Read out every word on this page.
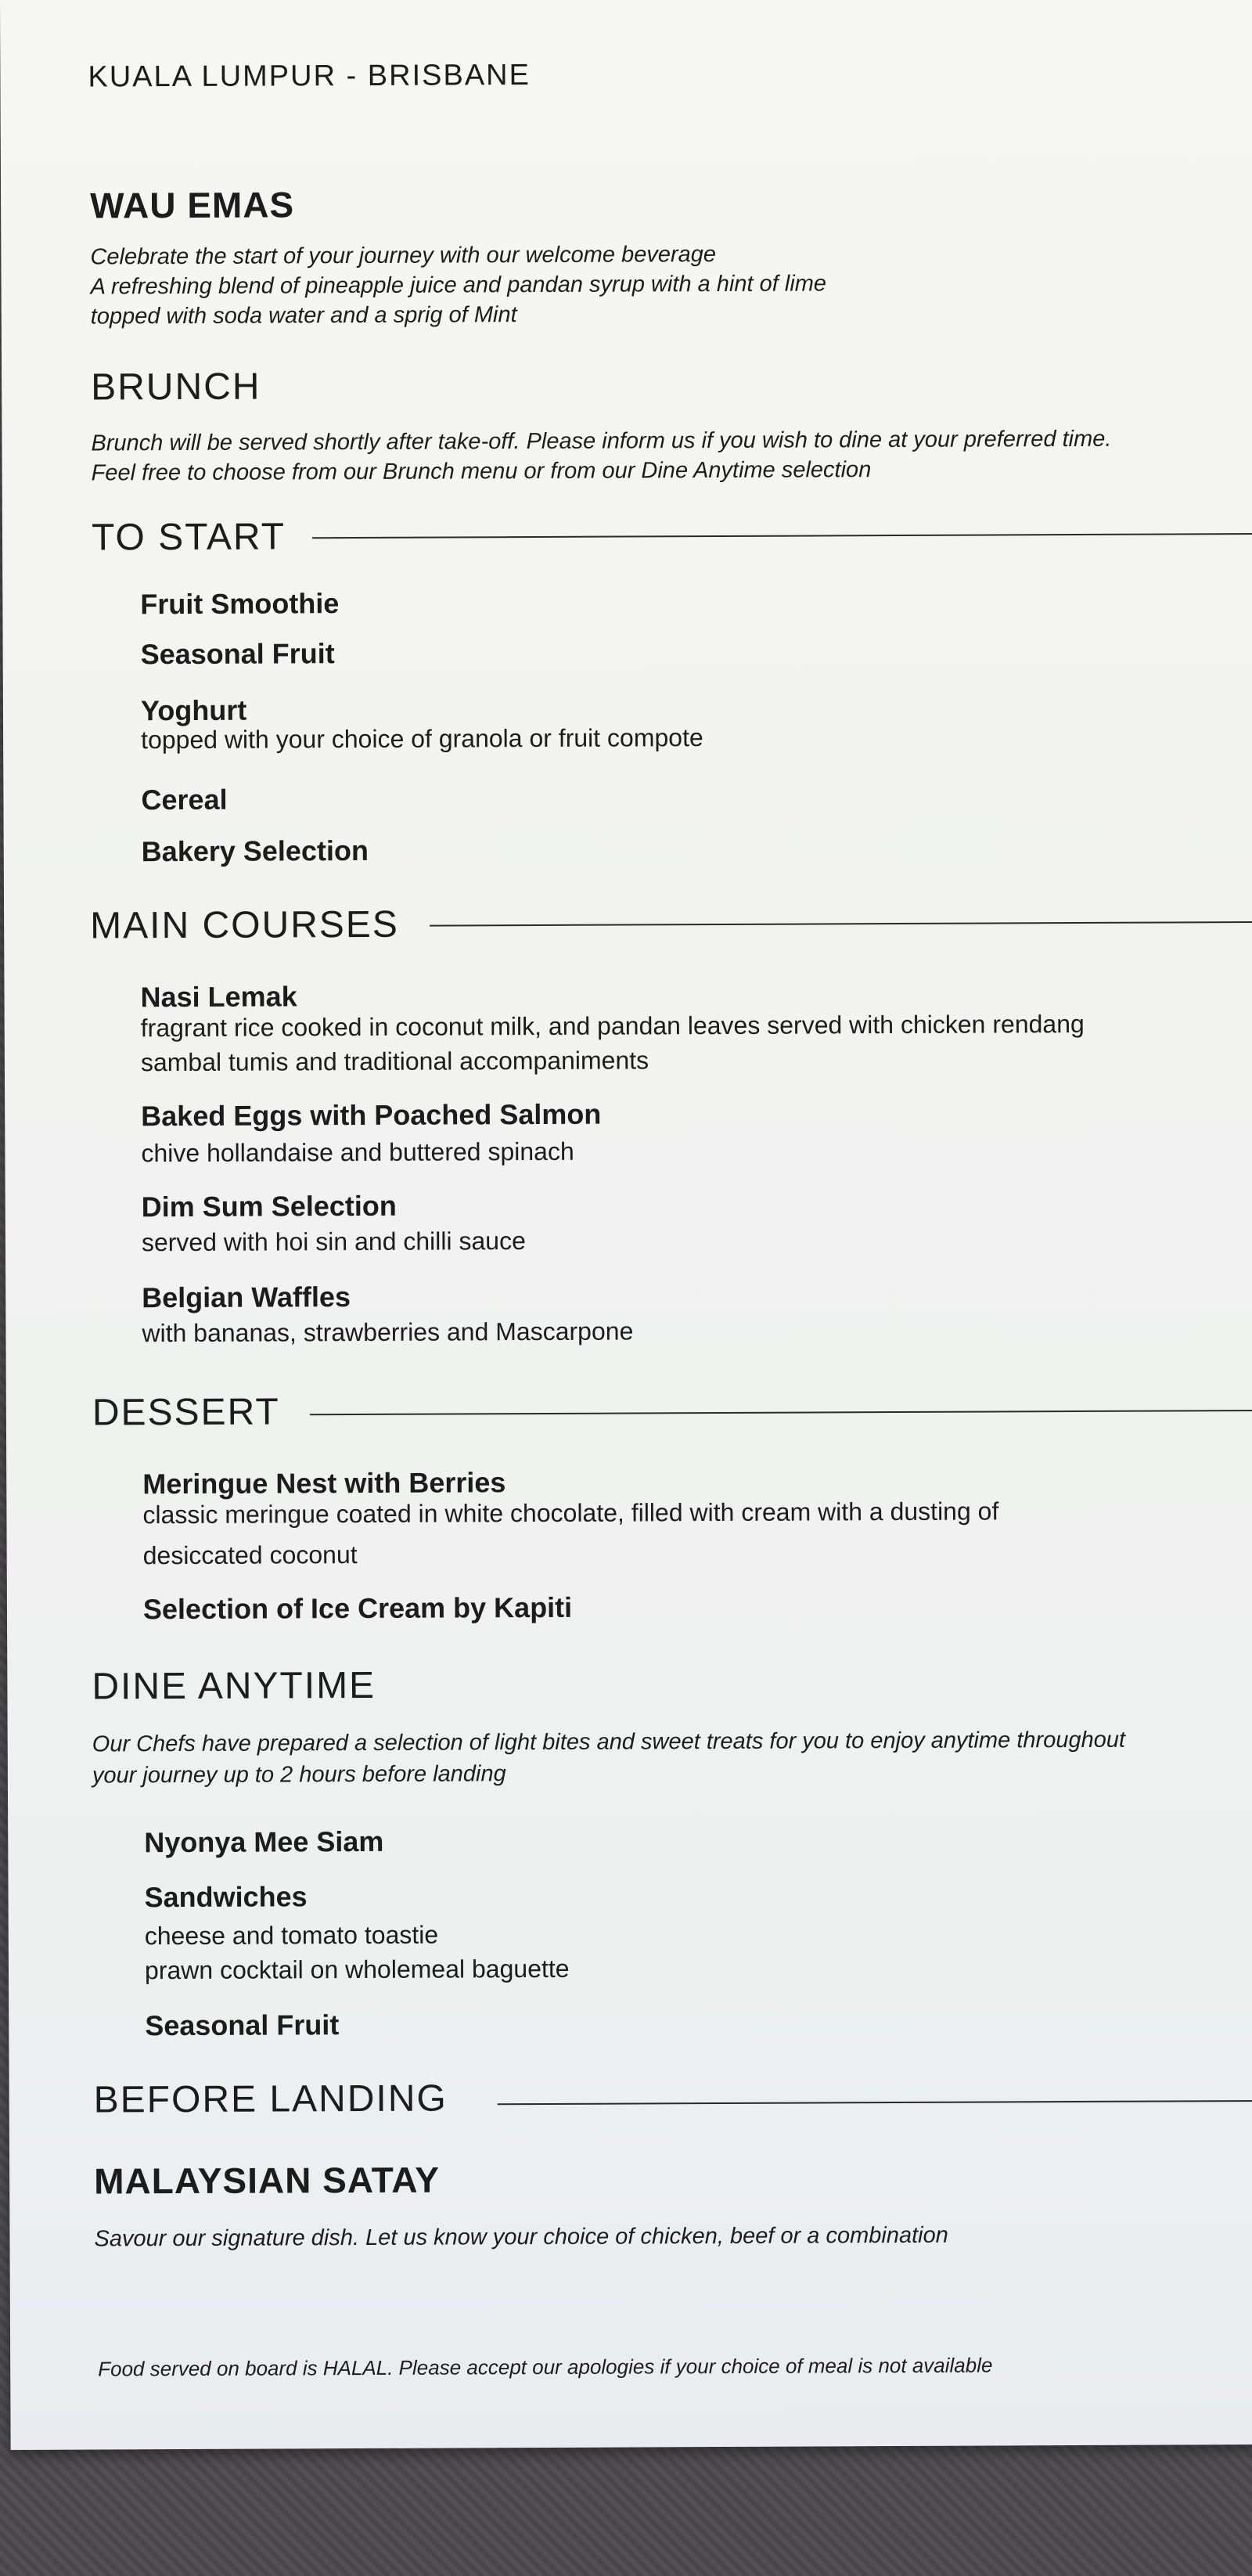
KUALA LUMPUR - BRISBANE
WAU EMAS

Celebrate the start of your journey with our welcome beverage

A refreshing blend of pineapple juice and pandan syrup with a hint of lime

topped with soda water and a sprig of Mint

BRUNCH

Brunch will be served shortly after take-off. Please inform us if you wish to dine at your preferred time.

Feel free to choose from our Brunch menu or from our Dine Anytime selection

TO START
Fruit Smoothie
Seasonal Fruit
Yoghurt

topped with your choice of granola or fruit compote

Cereal
Bakery Selection
MAIN COURSES
Nasi Lemak

fragrant rice cooked in coconut milk, and pandan leaves served with chicken rendang

sambal tumis and traditional accompaniments

Baked Eggs with Poached Salmon

chive hollandaise and buttered spinach

Dim Sum Selection

served with hoi sin and chilli sauce

Belgian Waffles

with bananas, strawberries and Mascarpone

DESSERT
Meringue Nest with Berries

classic meringue coated in white chocolate, filled with cream with a dusting of

desiccated coconut

Selection of Ice Cream by Kapiti
DINE ANYTIME

Our Chefs have prepared a selection of light bites and sweet treats for you to enjoy anytime throughout

your journey up to 2 hours before landing

Nyonya Mee Siam
Sandwiches

cheese and tomato toastie

prawn cocktail on wholemeal baguette

Seasonal Fruit
BEFORE LANDING
MALAYSIAN SATAY

Savour our signature dish. Let us know your choice of chicken, beef or a combination

Food served on board is HALAL. Please accept our apologies if your choice of meal is not available
